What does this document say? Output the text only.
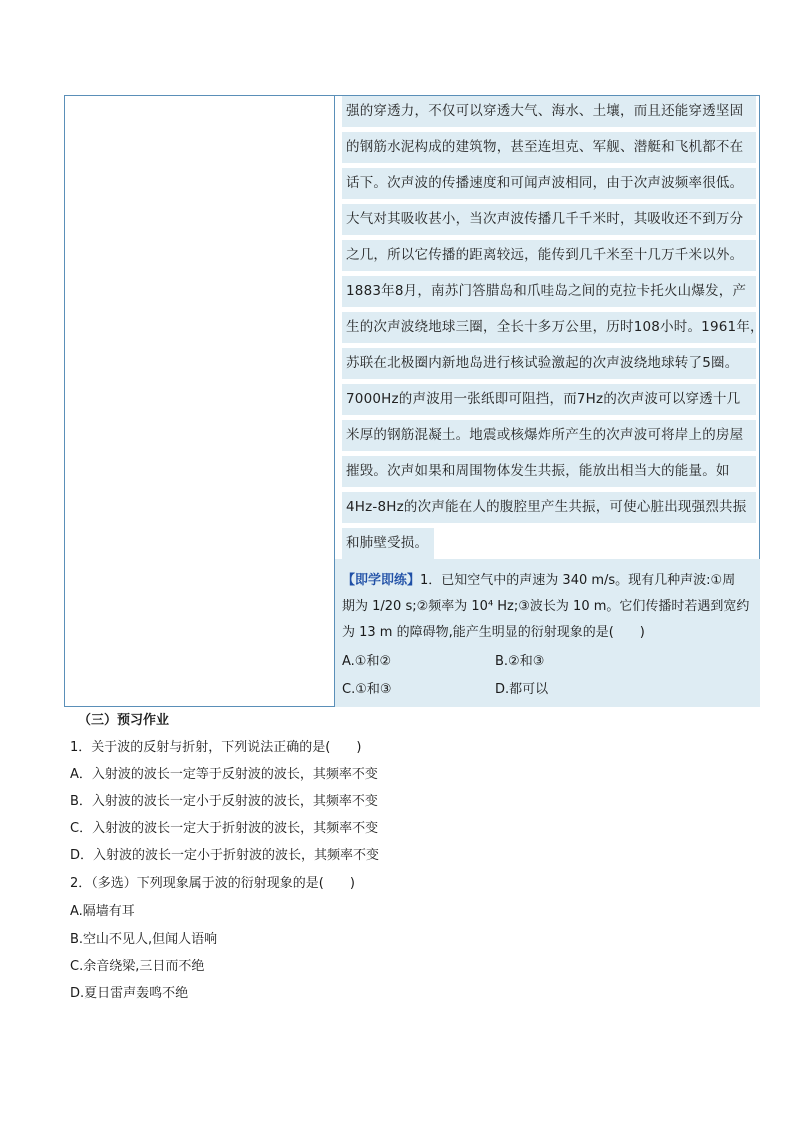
强的穿透力，不仅可以穿透大气、海水、土壤，而且还能穿透坚固
的钢筋水泥构成的建筑物，甚至连坦克、军舰、潜艇和飞机都不在
话下。次声波的传播速度和可闻声波相同，由于次声波频率很低。
大气对其吸收甚小，当次声波传播几千千米时，其吸收还不到万分
之几，所以它传播的距离较远，能传到几千米至十几万千米以外。
1883年8月，南苏门答腊岛和爪哇岛之间的克拉卡托火山爆发，产
生的次声波绕地球三圈，全长十多万公里，历时108小时。1961年，
苏联在北极圈内新地岛进行核试验激起的次声波绕地球转了5圈。
7000Hz的声波用一张纸即可阻挡，而7Hz的次声波可以穿透十几
米厚的钢筋混凝土。地震或核爆炸所产生的次声波可将岸上的房屋
摧毁。次声如果和周围物体发生共振，能放出相当大的能量。如
4Hz-8Hz的次声能在人的腹腔里产生共振，可使心脏出现强烈共振
和肺壁受损。
【即学即练】1．已知空气中的声速为 340 m/s。现有几种声波:①周
期为 1/20 s;②频率为 10⁴ Hz;③波长为 10 m。它们传播时若遇到宽约
为 13 m 的障碍物,能产生明显的衍射现象的是(　　)
A.①和②	B.②和③
C.①和③	D.都可以
（三）预习作业
1．关于波的反射与折射，下列说法正确的是(　　)
A．入射波的波长一定等于反射波的波长，其频率不变
B．入射波的波长一定小于反射波的波长，其频率不变
C．入射波的波长一定大于折射波的波长，其频率不变
D．入射波的波长一定小于折射波的波长，其频率不变
2．（多选）下列现象属于波的衍射现象的是(　　)
A.隔墙有耳
B.空山不见人,但闻人语响
C.余音绕梁,三日而不绝
D.夏日雷声轰鸣不绝
